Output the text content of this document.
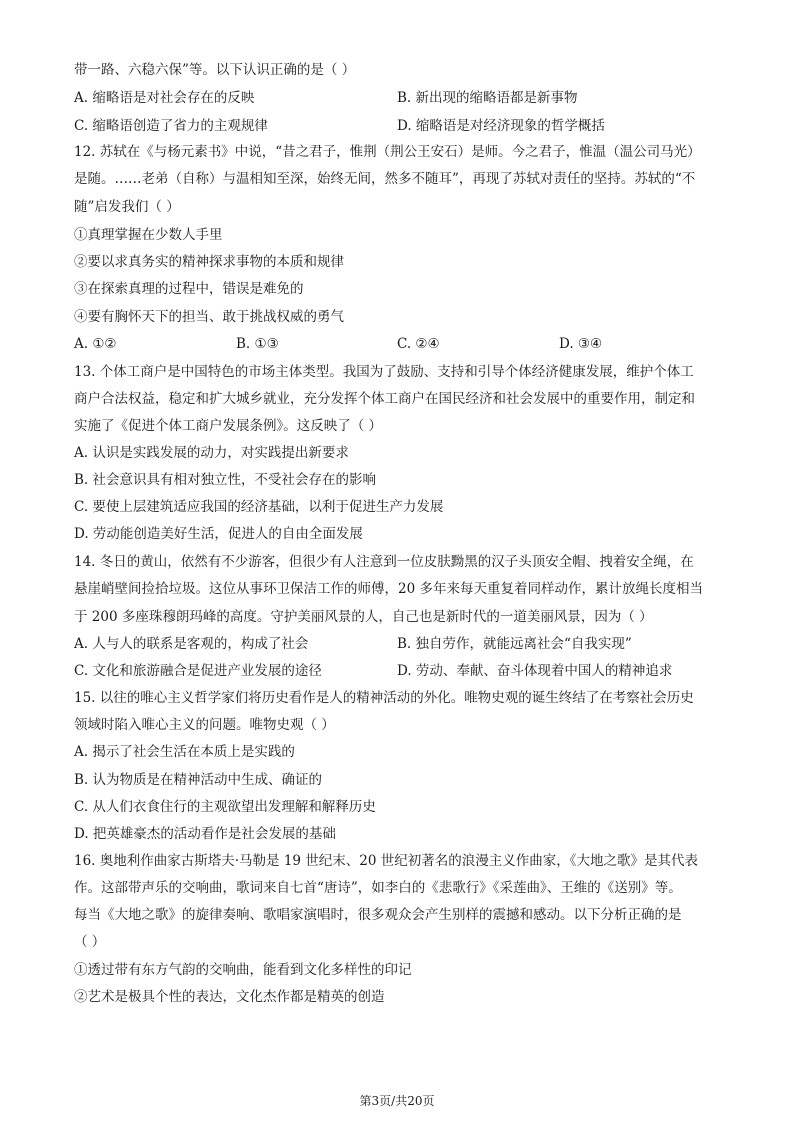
带一路、六稳六保”等。以下认识正确的是（ ）
A. 缩略语是对社会存在的反映	B. 新出现的缩略语都是新事物
C. 缩略语创造了省力的主观规律	D. 缩略语是对经济现象的哲学概括
12. 苏轼在《与杨元素书》中说，“昔之君子，惟荆（荆公王安石）是师。今之君子，惟温（温公司马光）
是随。……老弟（自称）与温相知至深，始终无间，然多不随耳”，再现了苏轼对责任的坚持。苏轼的“不
随”启发我们（ ）
①真理掌握在少数人手里
②要以求真务实的精神探求事物的本质和规律
③在探索真理的过程中，错误是难免的
④要有胸怀天下的担当、敢于挑战权威的勇气
A. ①②	B. ①③	C. ②④	D. ③④
13. 个体工商户是中国特色的市场主体类型。我国为了鼓励、支持和引导个体经济健康发展，维护个体工
商户合法权益，稳定和扩大城乡就业，充分发挥个体工商户在国民经济和社会发展中的重要作用，制定和
实施了《促进个体工商户发展条例》。这反映了（ ）
A. 认识是实践发展的动力，对实践提出新要求
B. 社会意识具有相对独立性，不受社会存在的影响
C. 要使上层建筑适应我国的经济基础，以利于促进生产力发展
D. 劳动能创造美好生活，促进人的自由全面发展
14. 冬日的黄山，依然有不少游客，但很少有人注意到一位皮肤黝黑的汉子头顶安全帽、拽着安全绳，在
悬崖峭壁间捡拾垃圾。这位从事环卫保洁工作的师傅，20 多年来每天重复着同样动作，累计放绳长度相当
于 200 多座珠穆朗玛峰的高度。守护美丽风景的人，自己也是新时代的一道美丽风景，因为（ ）
A. 人与人的联系是客观的，构成了社会	B. 独自劳作，就能远离社会“自我实现”
C. 文化和旅游融合是促进产业发展的途径	D. 劳动、奉献、奋斗体现着中国人的精神追求
15. 以往的唯心主义哲学家们将历史看作是人的精神活动的外化。唯物史观的诞生终结了在考察社会历史
领域时陷入唯心主义的问题。唯物史观（ ）
A. 揭示了社会生活在本质上是实践的
B. 认为物质是在精神活动中生成、确证的
C. 从人们衣食住行的主观欲望出发理解和解释历史
D. 把英雄豪杰的活动看作是社会发展的基础
16. 奥地利作曲家古斯塔夫·马勒是 19 世纪末、20 世纪初著名的浪漫主义作曲家，《大地之歌》是其代表
作。这部带声乐的交响曲，歌词来自七首“唐诗”，如李白的《悲歌行》《采莲曲》、王维的《送别》等。
每当《大地之歌》的旋律奏响、歌唱家演唱时，很多观众会产生别样的震撼和感动。以下分析正确的是
（ ）
①透过带有东方气韵的交响曲，能看到文化多样性的印记
②艺术是极具个性的表达，文化杰作都是精英的创造
第3页/共20页
